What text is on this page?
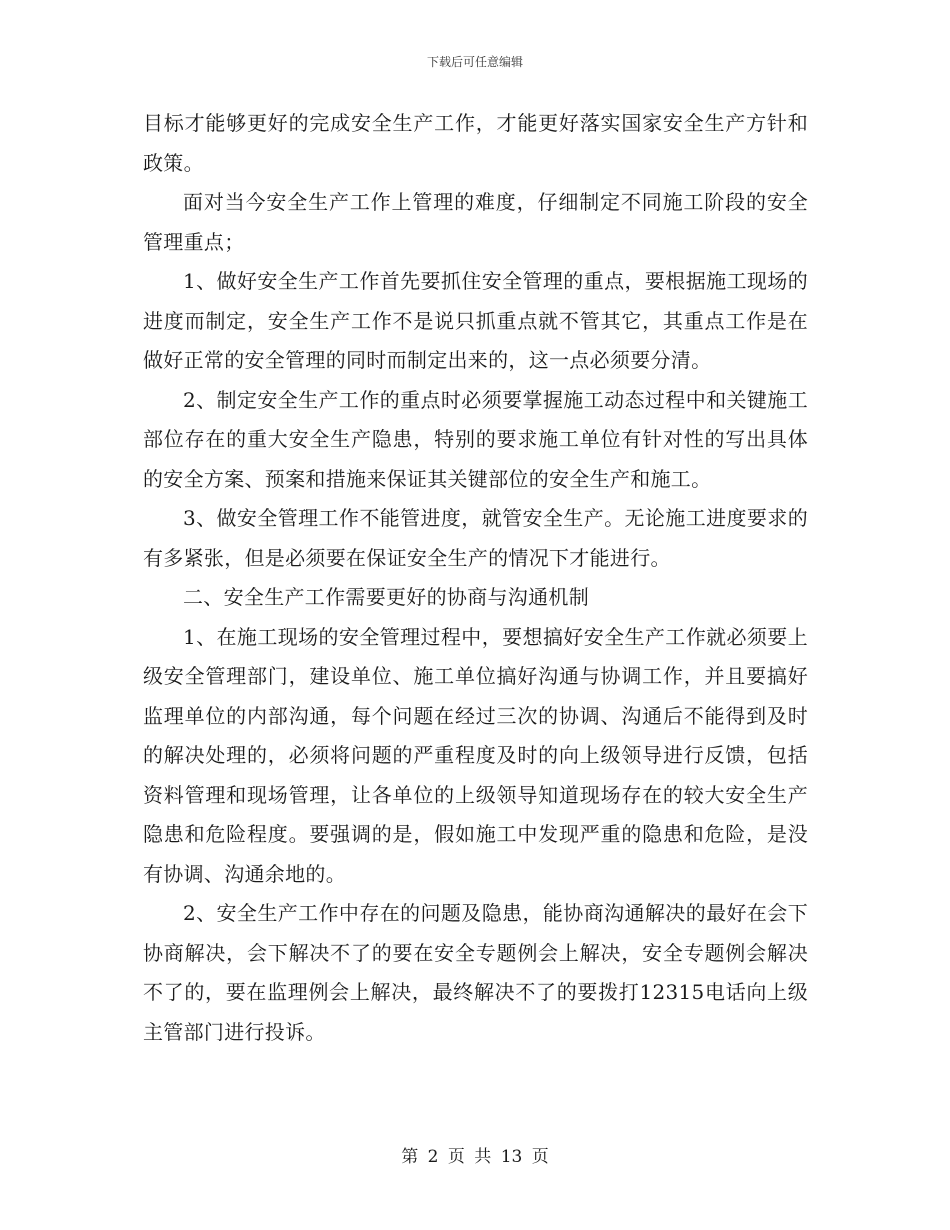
下载后可任意编辑

目标才能够更好的完成安全生产工作，才能更好落实国家安全生产方针和政策。

面对当今安全生产工作上管理的难度，仔细制定不同施工阶段的安全管理重点；

1、做好安全生产工作首先要抓住安全管理的重点，要根据施工现场的进度而制定，安全生产工作不是说只抓重点就不管其它，其重点工作是在做好正常的安全管理的同时而制定出来的，这一点必须要分清。

2、制定安全生产工作的重点时必须要掌握施工动态过程中和关键施工部位存在的重大安全生产隐患，特别的要求施工单位有针对性的写出具体的安全方案、预案和措施来保证其关键部位的安全生产和施工。

3、做安全管理工作不能管进度，就管安全生产。无论施工进度要求的有多紧张，但是必须要在保证安全生产的情况下才能进行。

二、安全生产工作需要更好的协商与沟通机制

1、在施工现场的安全管理过程中，要想搞好安全生产工作就必须要上级安全管理部门，建设单位、施工单位搞好沟通与协调工作，并且要搞好监理单位的内部沟通，每个问题在经过三次的协调、沟通后不能得到及时的解决处理的，必须将问题的严重程度及时的向上级领导进行反馈，包括资料管理和现场管理，让各单位的上级领导知道现场存在的较大安全生产隐患和危险程度。要强调的是，假如施工中发现严重的隐患和危险，是没有协调、沟通余地的。

2、安全生产工作中存在的问题及隐患，能协商沟通解决的最好在会下协商解决，会下解决不了的要在安全专题例会上解决，安全专题例会解决不了的，要在监理例会上解决，最终解决不了的要拨打12315电话向上级主管部门进行投诉。

第 2 页 共 13 页
